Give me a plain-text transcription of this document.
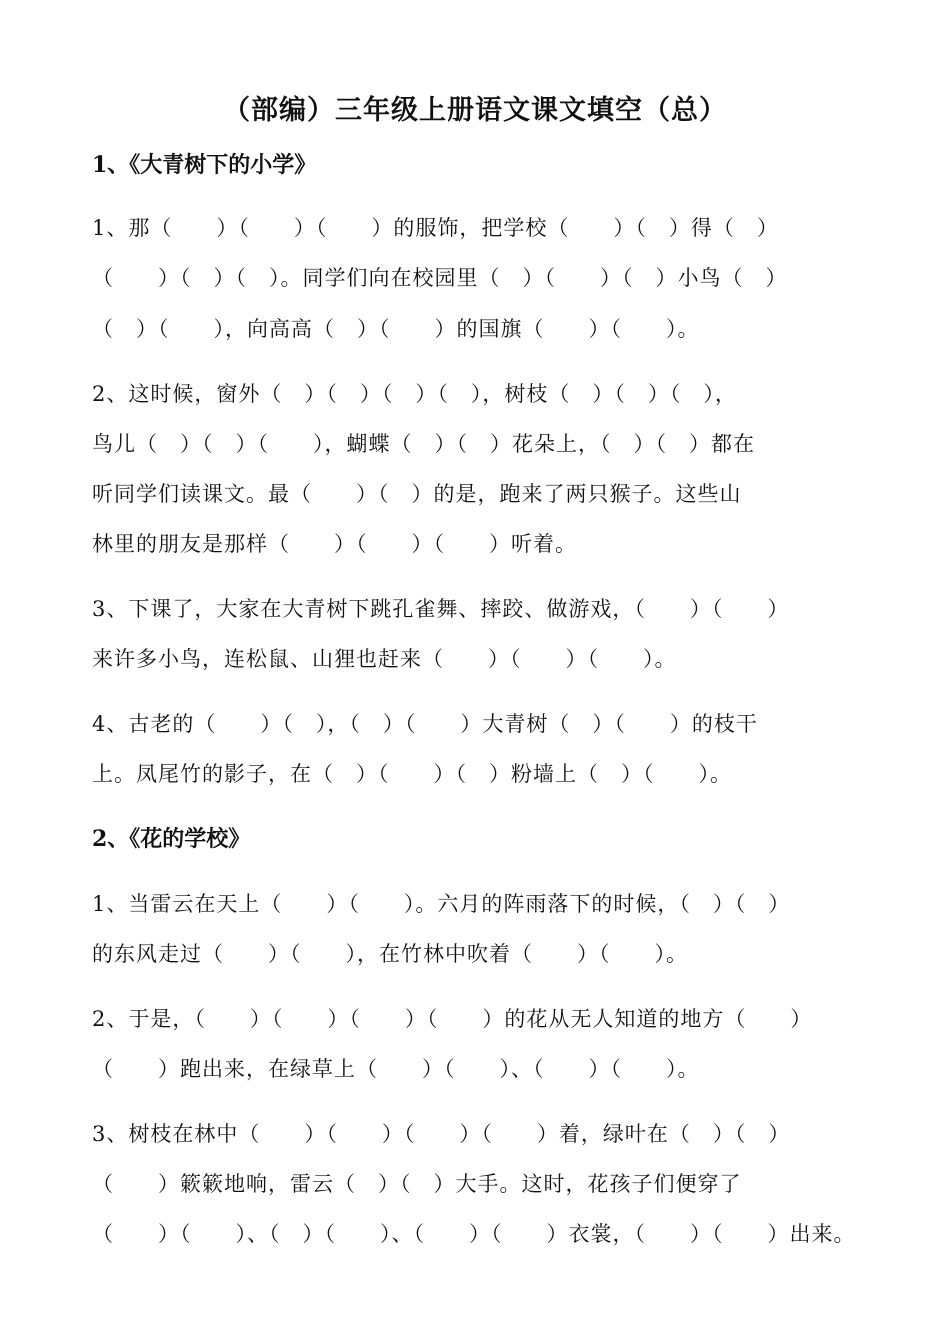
（部编）三年级上册语文课文填空（总）
1、《大青树下的小学》
1、那（　　）（　　）（　　）的服饰，把学校（　　）（　）得（　）
（　　）（　）（　）。同学们向在校园里（　）（　　）（　）小鸟（　）
（　）（　　），向高高（　）（　　）的国旗（　　）（　　）。
2、这时候，窗外（　）（　）（　）（　），树枝（　）（　）（　），
鸟儿（　）（　）（　　），蝴蝶（　）（　）花朵上，（　）（　）都在
听同学们读课文。最（　　）（　）的是，跑来了两只猴子。这些山
林里的朋友是那样（　　）（　　）（　　）听着。
3、下课了，大家在大青树下跳孔雀舞、摔跤、做游戏，（　　）（　　）
来许多小鸟，连松鼠、山狸也赶来（　　）（　　）（　　）。
4、古老的（　　）（　），（　）（　　）大青树（　）（　　）的枝干
上。凤尾竹的影子，在（　）（　　）（　）粉墙上（　）（　　）。
2、《花的学校》
1、当雷云在天上（　　）（　　）。六月的阵雨落下的时候，（　）（　）
的东风走过（　　）（　　），在竹林中吹着（　　）（　　）。
2、于是，（　　）（　　）（　　）（　　）的花从无人知道的地方（　　）
（　　）跑出来，在绿草上（　　）（　　）、（　　）（　　）。
3、树枝在林中（　　）（　　）（　　）（　　）着，绿叶在（　）（　）
（　　）簌簌地响，雷云（　）（　）大手。这时，花孩子们便穿了
（　　）（　　）、（　）（　　）、（　　）（　　）衣裳，（　　）（　　）出来。
